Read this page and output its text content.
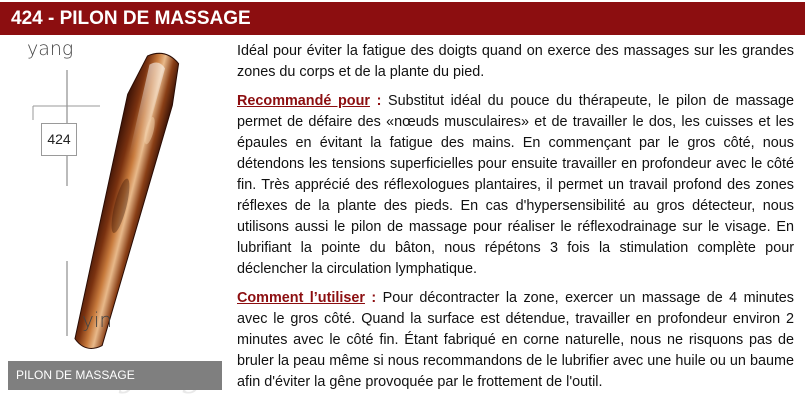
424 - PILON DE MASSAGE
yang
424
yin
PILON DE MASSAGE

Idéal pour éviter la fatigue des doigts quand on exerce des massages sur les grandes zones du corps et de la plante du pied.

Recommandé pour : Substitut idéal du pouce du thérapeute, le pilon de massage permet de défaire des «nœuds musculaires» et de travailler le dos, les cuisses et les épaules en évitant la fatigue des mains. En commençant par le gros côté, nous détendons les tensions superficielles pour ensuite travailler en profondeur avec le côté fin. Très apprécié des réflexologues plantaires, il permet un travail profond des zones réflexes de la plante des pieds. En cas d'hypersensibilité au gros détecteur, nous utilisons aussi le pilon de massage pour réaliser le réflexodrainage sur le visage. En lubrifiant la pointe du bâton, nous répétons 3 fois la stimulation complète pour déclencher la circulation lymphatique.

Comment l’utiliser : Pour décontracter la zone, exercer un massage de 4 minutes avec le gros côté. Quand la surface est détendue, travailler en profondeur environ 2 minutes avec le côté fin. Étant fabriqué en corne naturelle, nous ne risquons pas de bruler la peau même si nous recommandons de le lubrifier avec une huile ou un baume afin d'éviter la gêne provoquée par le frottement de l'outil.
